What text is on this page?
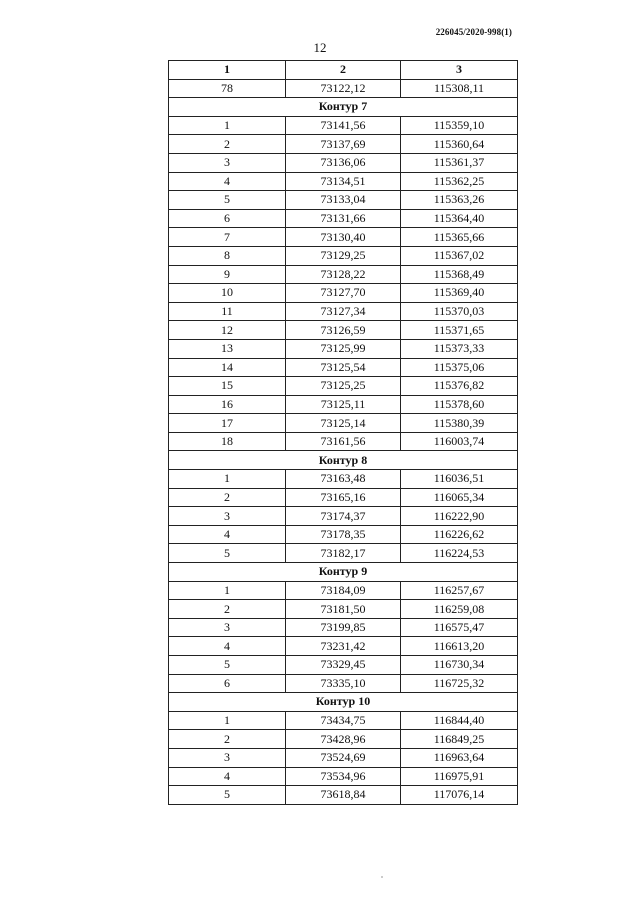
226045/2020-998(1)
12
1	2	3
78	73122,12	115308,11
Контур 7		
1	73141,56	115359,10
2	73137,69	115360,64
3	73136,06	115361,37
4	73134,51	115362,25
5	73133,04	115363,26
6	73131,66	115364,40
7	73130,40	115365,66
8	73129,25	115367,02
9	73128,22	115368,49
10	73127,70	115369,40
11	73127,34	115370,03
12	73126,59	115371,65
13	73125,99	115373,33
14	73125,54	115375,06
15	73125,25	115376,82
16	73125,11	115378,60
17	73125,14	115380,39
18	73161,56	116003,74
Контур 8		
1	73163,48	116036,51
2	73165,16	116065,34
3	73174,37	116222,90
4	73178,35	116226,62
5	73182,17	116224,53
Контур 9		
1	73184,09	116257,67
2	73181,50	116259,08
3	73199,85	116575,47
4	73231,42	116613,20
5	73329,45	116730,34
6	73335,10	116725,32
Контур 10		
1	73434,75	116844,40
2	73428,96	116849,25
3	73524,69	116963,64
4	73534,96	116975,91
5	73618,84	117076,14
